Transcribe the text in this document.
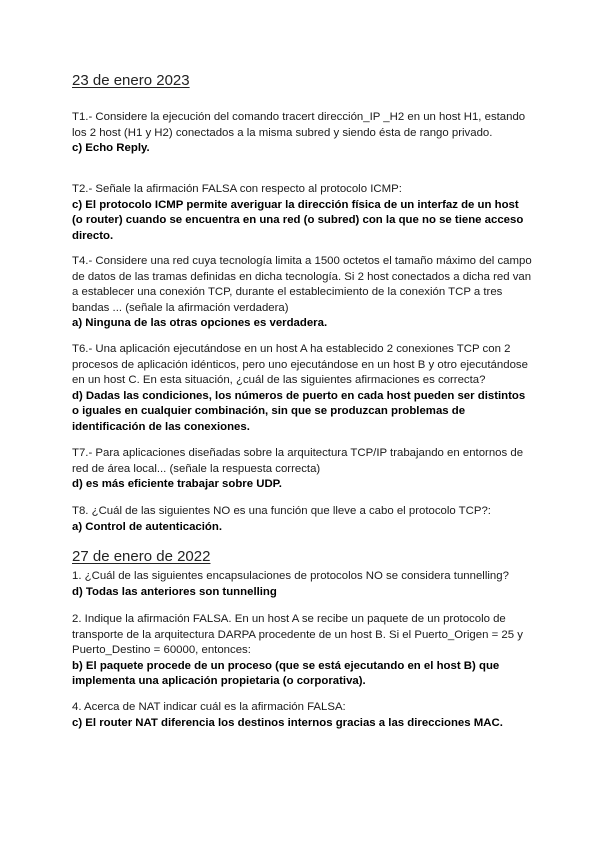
23 de enero 2023
T1.- Considere la ejecución del comando tracert dirección_IP _H2 en un host H1, estando los 2 host (H1 y H2) conectados a la misma subred y siendo ésta de rango privado.
c) Echo Reply.
T2.- Señale la afirmación FALSA con respecto al protocolo ICMP:
c) El protocolo ICMP permite averiguar la dirección física de un interfaz de un host (o router) cuando se encuentra en una red (o subred) con la que no se tiene acceso directo.
T4.- Considere una red cuya tecnología limita a 1500 octetos el tamaño máximo del campo de datos de las tramas definidas en dicha tecnología. Si 2 host conectados a dicha red van a establecer una conexión TCP, durante el establecimiento de la conexión TCP a tres bandas ... (señale la afirmación verdadera)
a) Ninguna de las otras opciones es verdadera.
T6.- Una aplicación ejecutándose en un host A ha establecido 2 conexiones TCP con 2 procesos de aplicación idénticos, pero uno ejecutándose en un host B y otro ejecutándose en un host C. En esta situación, ¿cuál de las siguientes afirmaciones es correcta?
d) Dadas las condiciones, los números de puerto en cada host pueden ser distintos o iguales en cualquier combinación, sin que se produzcan problemas de identificación de las conexiones.
T7.- Para aplicaciones diseñadas sobre la arquitectura TCP/IP trabajando en entornos de red de área local... (señale la respuesta correcta)
d) es más eficiente trabajar sobre UDP.
T8. ¿Cuál de las siguientes NO es una función que lleve a cabo el protocolo TCP?:
a) Control de autenticación.
27 de enero de 2022
1. ¿Cuál de las siguientes encapsulaciones de protocolos NO se considera tunnelling?
d) Todas las anteriores son tunnelling
2. Indique la afirmación FALSA. En un host A se recibe un paquete de un protocolo de transporte de la arquitectura DARPA procedente de un host B. Si el Puerto_Origen = 25 y Puerto_Destino = 60000, entonces:
b) El paquete procede de un proceso (que se está ejecutando en el host B) que implementa una aplicación propietaria (o corporativa).
4. Acerca de NAT indicar cuál es la afirmación FALSA:
c) El router NAT diferencia los destinos internos gracias a las direcciones MAC.
